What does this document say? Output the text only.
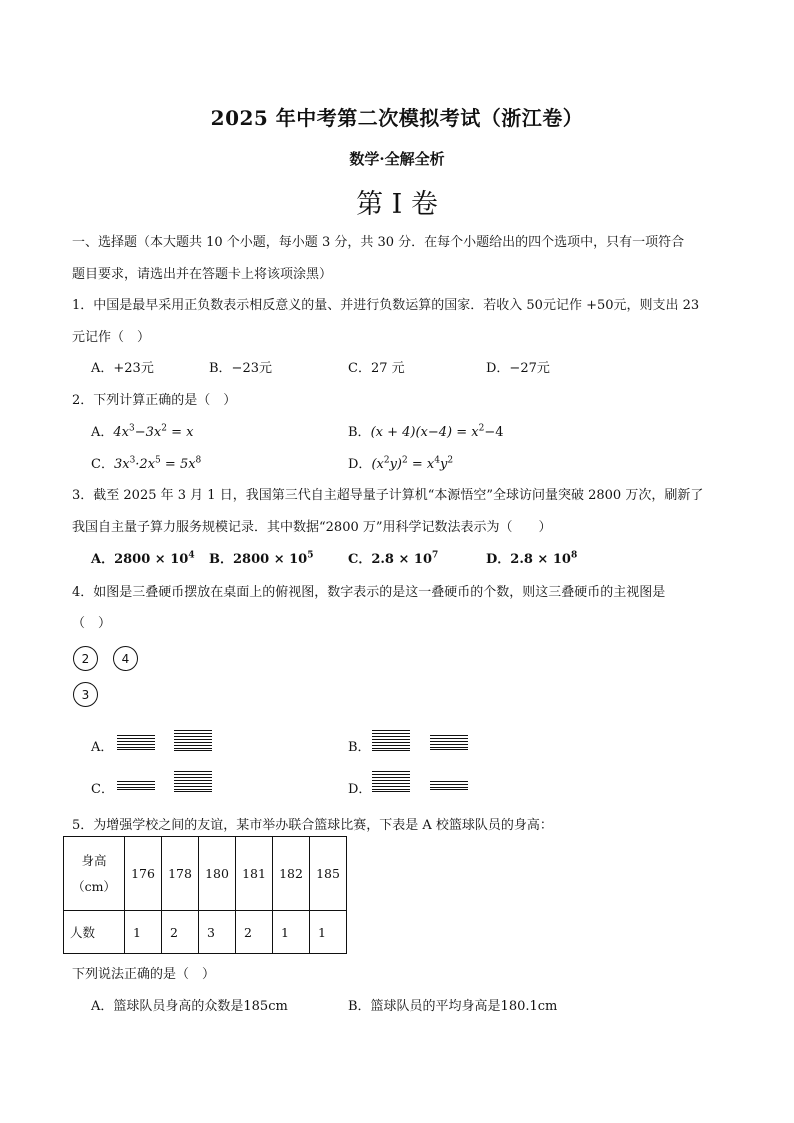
2025 年中考第二次模拟考试（浙江卷）
数学·全解全析
第 I 卷
一、选择题（本大题共 10 个小题，每小题 3 分，共 30 分．在每个小题给出的四个选项中，只有一项符合
题目要求，请选出并在答题卡上将该项涂黑）
1．中国是最早采用正负数表示相反意义的量、并进行负数运算的国家．若收入 50元记作 +50元，则支出 23
元记作（　）
A．+23元	B．−23元	C．27 元	D．−27元
2．下列计算正确的是（　）
A．$4x^3-3x^2 = x$	B．$(x + 4)(x-4) = x^2-4$
C．$3x^3\cdot 2x^5 = 5x^8$	D．$(x^2y)^2 = x^4y^2$
3．截至 2025 年 3 月 1 日，我国第三代自主超导量子计算机“本源悟空”全球访问量突破 2800 万次，刷新了
我国自主量子算力服务规模记录．其中数据“2800 万”用科学记数法表示为（　　）
A．$2800 \times 10^4$ B．$2800 \times 10^5$	C．$2.8 \times 10^7$	D．$2.8 \times 10^8$
4．如图是三叠硬币摆放在桌面上的俯视图，数字表示的是这一叠硬币的个数，则这三叠硬币的主视图是
（　）
2	4
3
A．	B．
C．	D．
5．为增强学校之间的友谊，某市举办联合篮球比赛，下表是 A 校篮球队员的身高：
身高
（cm）	176	178	180	181	182	185
人数	1	2	3	2	1	1
下列说法正确的是（　）
A．篮球队员身高的众数是185cm	B．篮球队员的平均身高是180.1cm
